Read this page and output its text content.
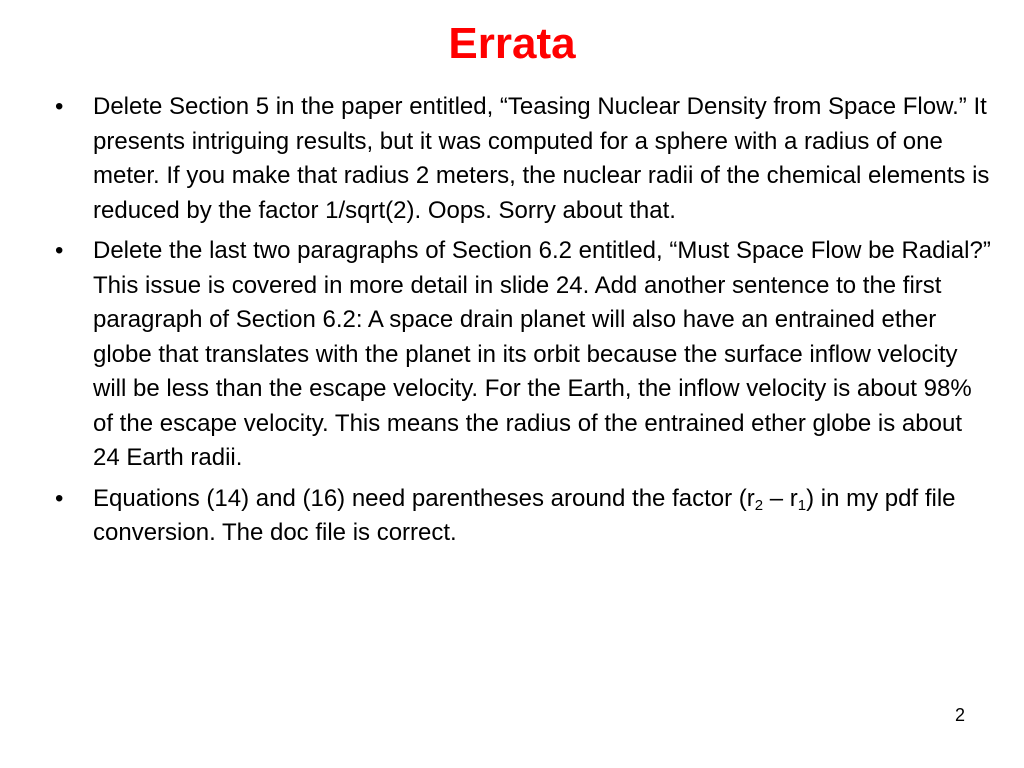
Errata
• Delete Section 5 in the paper entitled, “Teasing Nuclear Density from Space Flow.” It presents intriguing results, but it was computed for a sphere with a radius of one meter. If you make that radius 2 meters, the nuclear radii of the chemical elements is reduced by the factor 1/sqrt(2). Oops. Sorry about that.
• Delete the last two paragraphs of Section 6.2 entitled, “Must Space Flow be Radial?” This issue is covered in more detail in slide 24. Add another sentence to the first paragraph of Section 6.2: A space drain planet will also have an entrained ether globe that translates with the planet in its orbit because the surface inflow velocity will be less than the escape velocity. For the Earth, the inflow velocity is about 98% of the escape velocity. This means the radius of the entrained ether globe is about 24 Earth radii.
• Equations (14) and (16) need parentheses around the factor $(r_2 - r_1)$ in my pdf file conversion. The doc file is correct.
2
